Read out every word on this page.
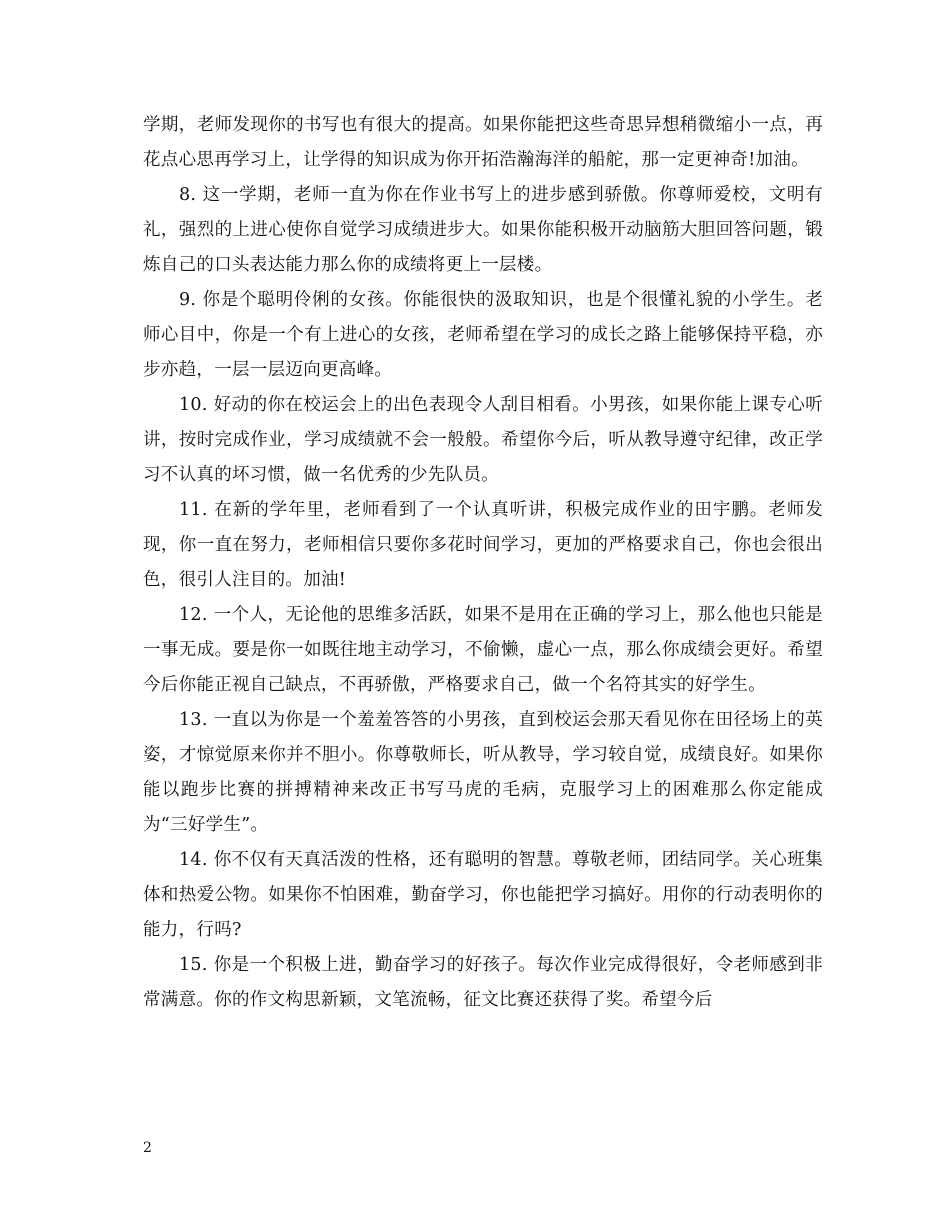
学期，老师发现你的书写也有很大的提高。如果你能把这些奇思异想稍微缩小一点，再花点心思再学习上，让学得的知识成为你开拓浩瀚海洋的船舵，那一定更神奇!加油。

8. 这一学期，老师一直为你在作业书写上的进步感到骄傲。你尊师爱校，文明有礼，强烈的上进心使你自觉学习成绩进步大。如果你能积极开动脑筋大胆回答问题，锻炼自己的口头表达能力那么你的成绩将更上一层楼。

9. 你是个聪明伶俐的女孩。你能很快的汲取知识，也是个很懂礼貌的小学生。老师心目中，你是一个有上进心的女孩，老师希望在学习的成长之路上能够保持平稳，亦步亦趋，一层一层迈向更高峰。

10. 好动的你在校运会上的出色表现令人刮目相看。小男孩，如果你能上课专心听讲，按时完成作业，学习成绩就不会一般般。希望你今后，听从教导遵守纪律，改正学习不认真的坏习惯，做一名优秀的少先队员。

11. 在新的学年里，老师看到了一个认真听讲，积极完成作业的田宇鹏。老师发现，你一直在努力，老师相信只要你多花时间学习，更加的严格要求自己，你也会很出色，很引人注目的。加油!

12. 一个人，无论他的思维多活跃，如果不是用在正确的学习上，那么他也只能是一事无成。要是你一如既往地主动学习，不偷懒，虚心一点，那么你成绩会更好。希望今后你能正视自己缺点，不再骄傲，严格要求自己，做一个名符其实的好学生。

13. 一直以为你是一个羞羞答答的小男孩，直到校运会那天看见你在田径场上的英姿，才惊觉原来你并不胆小。你尊敬师长，听从教导，学习较自觉，成绩良好。如果你能以跑步比赛的拼搏精神来改正书写马虎的毛病，克服学习上的困难那么你定能成为“三好学生”。

14. 你不仅有天真活泼的性格，还有聪明的智慧。尊敬老师，团结同学。关心班集体和热爱公物。如果你不怕困难，勤奋学习，你也能把学习搞好。用你的行动表明你的能力，行吗?

15. 你是一个积极上进，勤奋学习的好孩子。每次作业完成得很好，令老师感到非常满意。你的作文构思新颖，文笔流畅，征文比赛还获得了奖。希望今后

2
